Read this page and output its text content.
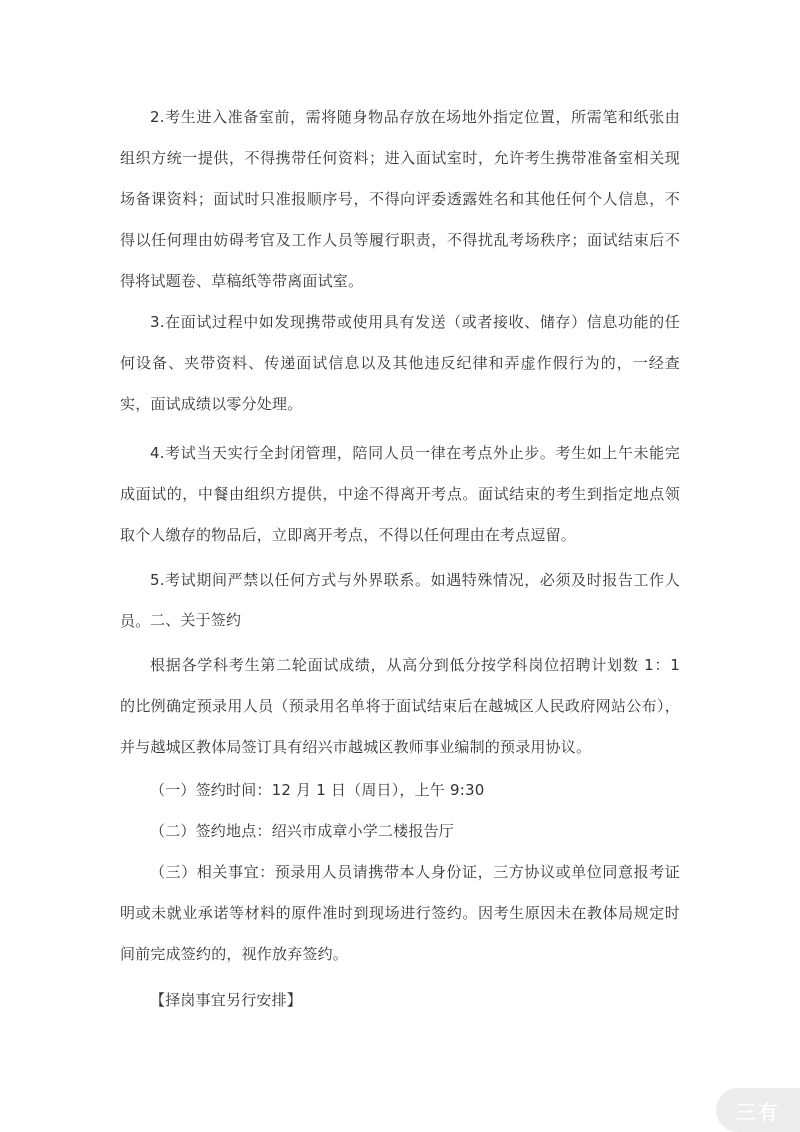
2.考生进入准备室前，需将随身物品存放在场地外指定位置，所需笔和纸张由组织方统一提供，不得携带任何资料；进入面试室时，允许考生携带准备室相关现场备课资料；面试时只准报顺序号，不得向评委透露姓名和其他任何个人信息，不得以任何理由妨碍考官及工作人员等履行职责，不得扰乱考场秩序；面试结束后不得将试题卷、草稿纸等带离面试室。

3.在面试过程中如发现携带或使用具有发送（或者接收、储存）信息功能的任何设备、夹带资料、传递面试信息以及其他违反纪律和弄虚作假行为的，一经查实，面试成绩以零分处理。

4.考试当天实行全封闭管理，陪同人员一律在考点外止步。考生如上午未能完成面试的，中餐由组织方提供，中途不得离开考点。面试结束的考生到指定地点领取个人缴存的物品后，立即离开考点，不得以任何理由在考点逗留。

5.考试期间严禁以任何方式与外界联系。如遇特殊情况，必须及时报告工作人员。 二、关于签约

根据各学科考生第二轮面试成绩，从高分到低分按学科岗位招聘计划数 1：1 的比例确定预录用人员（预录用名单将于面试结束后在越城区人民政府网站公布），并与越城区教体局签订具有绍兴市越城区教师事业编制的预录用协议。

（一）签约时间：12 月 1 日（周日），上午 9:30

（二）签约地点：绍兴市成章小学二楼报告厅

（三）相关事宜：预录用人员请携带本人身份证，三方协议或单位同意报考证明或未就业承诺等材料的原件准时到现场进行签约。因考生原因未在教体局规定时间前完成签约的，视作放弃签约。

【择岗事宜另行安排】

三有
